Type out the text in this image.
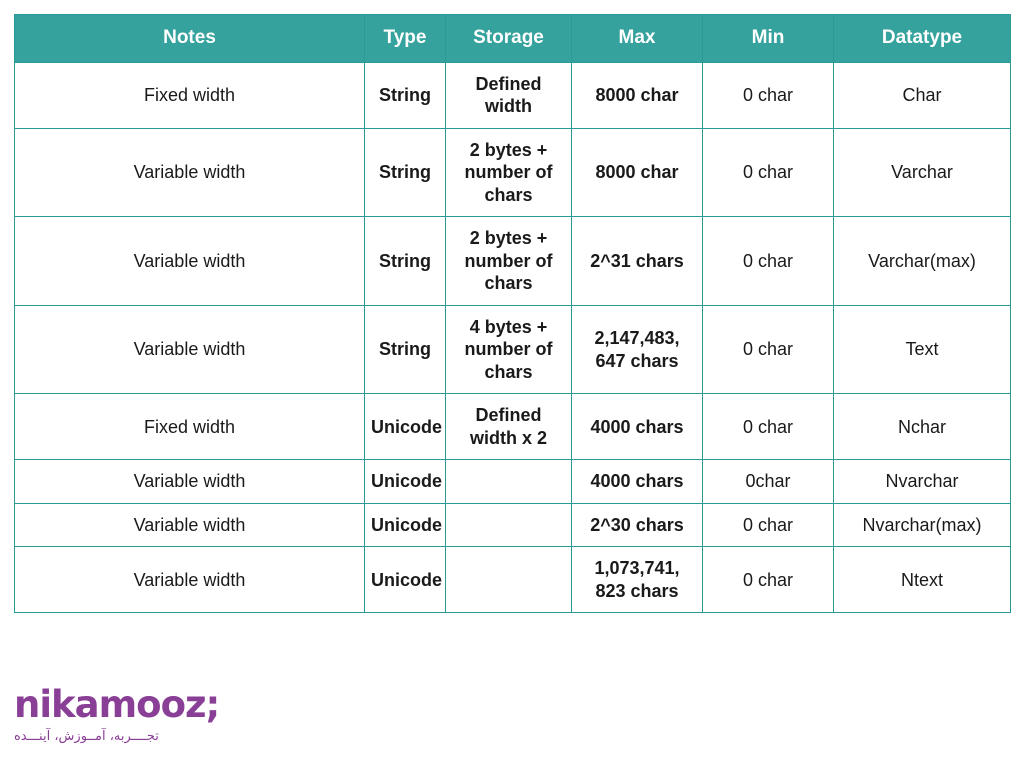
Notes	Type	Storage	Max	Min	Datatype
Fixed width	String	Defined width	8000 char	0 char	Char
Variable width	String	2 bytes + number of chars	8000 char	0 char	Varchar
Variable width	String	2 bytes + number of chars	2^31 chars	0 char	Varchar(max)
Variable width	String	4 bytes + number of chars	2,147,483, 647 chars	0 char	Text
Fixed width	Unicode	Defined width x 2	4000 chars	0 char	Nchar
Variable width	Unicode		4000 chars	0char	Nvarchar
Variable width	Unicode		2^30 chars	0 char	Nvarchar(max)
Variable width	Unicode		1,073,741, 823 chars	0 char	Ntext
nikamooz;
تجــــربه، آمــوزش، آینـــده
